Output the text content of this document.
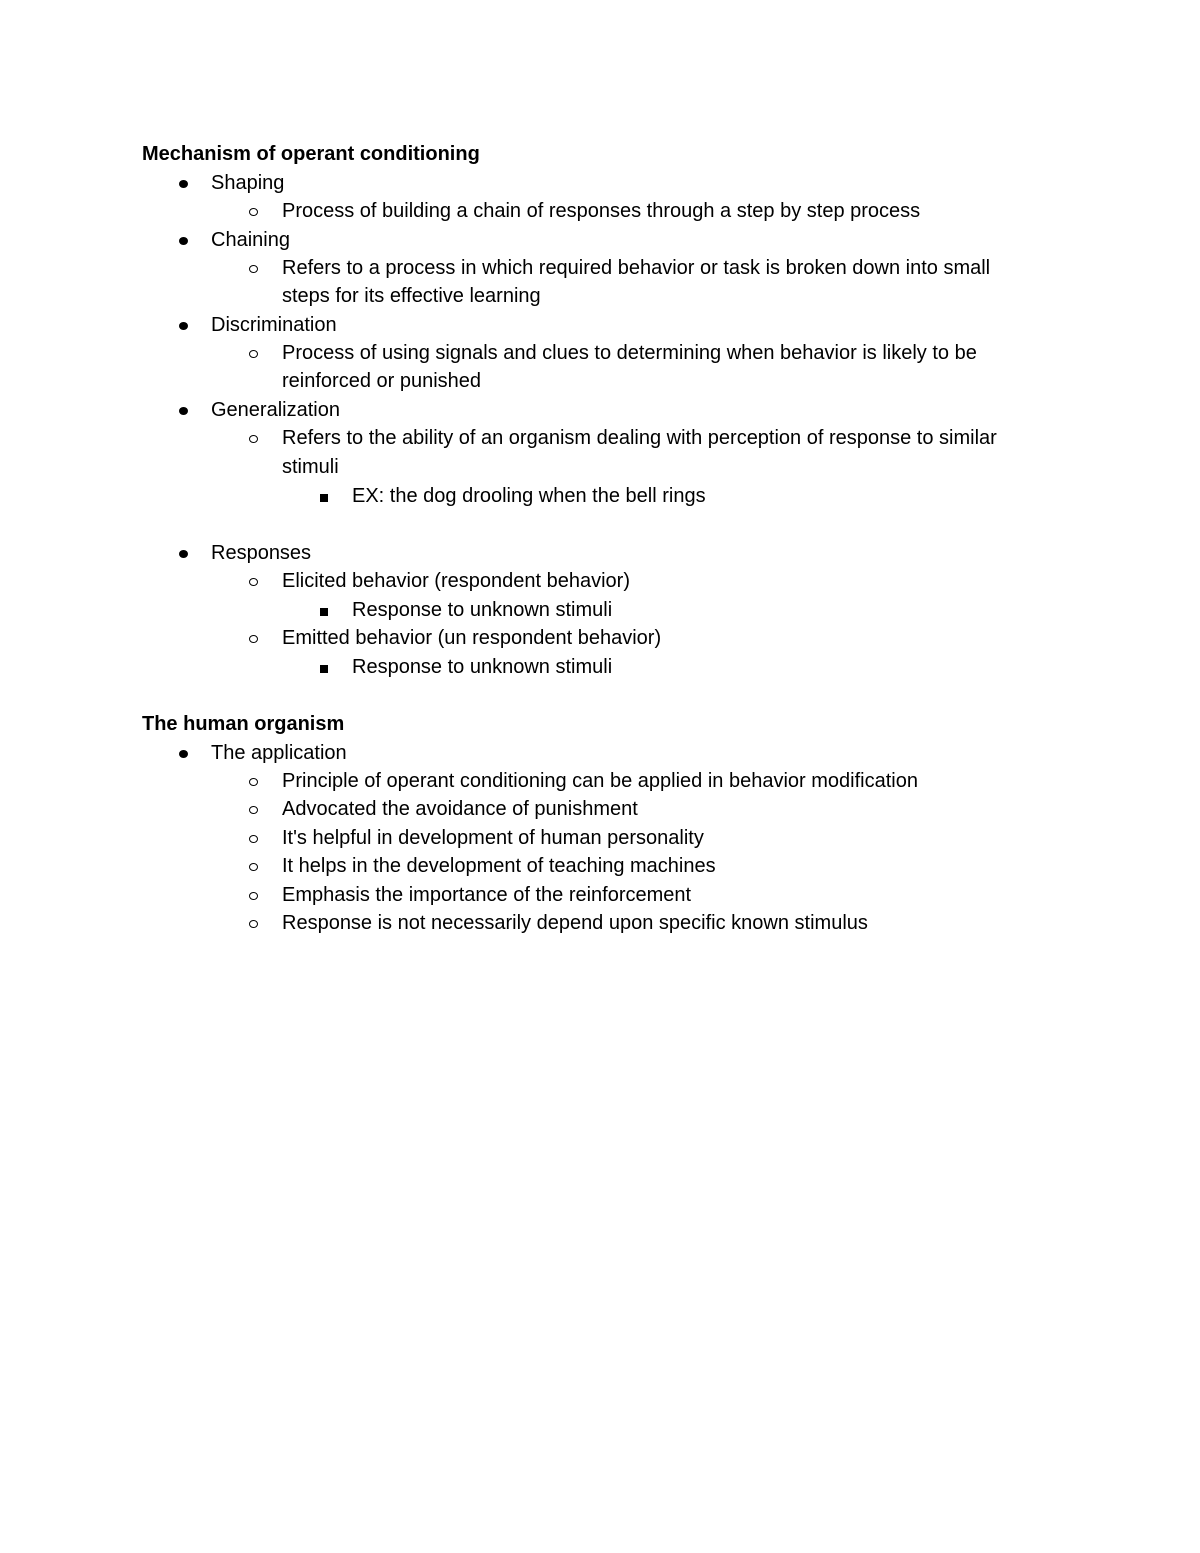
Mechanism of operant conditioning
Shaping
Process of building a chain of responses through a step by step process
Chaining
Refers to a process in which required behavior or task is broken down into small
steps for its effective learning
Discrimination
Process of using signals and clues to determining when behavior is likely to be
reinforced or punished
Generalization
Refers to the ability of an organism dealing with perception of response to similar
stimuli
EX: the dog drooling when the bell rings
Responses
Elicited behavior (respondent behavior)
Response to unknown stimuli
Emitted behavior (un respondent behavior)
Response to unknown stimuli
The human organism
The application
Principle of operant conditioning can be applied in behavior modification
Advocated the avoidance of punishment
It's helpful in development of human personality
It helps in the development of teaching machines
Emphasis the importance of the reinforcement
Response is not necessarily depend upon specific known stimulus
